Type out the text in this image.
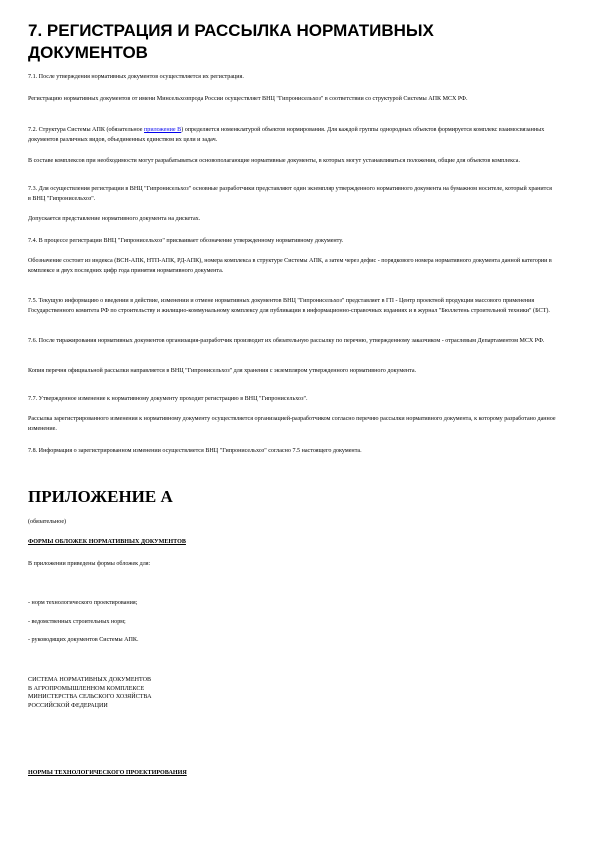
7. РЕГИСТРАЦИЯ И РАССЫЛКА НОРМАТИВНЫХ ДОКУМЕНТОВ

7.1. После утверждения нормативных документов осуществляется их регистрация.

Регистрацию нормативных документов от имени Минсельхозпрода России осуществляет ВНЦ "Гипронисельхоз" в соответствии со структурой Системы АПК МСХ РФ.

7.2. Структура Системы АПК (обязательное приложение В) определяется номенклатурой объектов нормирования. Для каждой группы однородных объектов формируется комплекс взаимосвязанных документов различных видов, объединенных единством их цели и задач.

В составе комплексов при необходимости могут разрабатываться основополагающие нормативные документы, в которых могут устанавливаться положения, общие для объектов комплекса.

7.3. Для осуществления регистрации в ВНЦ "Гипронисельхоз" основные разработчики представляют один экземпляр утвержденного нормативного документа на бумажном носителе, который хранится в ВНЦ "Гипронисельхоз".

Допускается представление нормативного документа на дискетах.

7.4. В процессе регистрации ВНЦ "Гипронисельхоз" присваивает обозначение утвержденному нормативному документу.

Обозначение состоит из индекса (ВСН-АПК, НТП-АПК, РД-АПК), номера комплекса в структуре Системы АПК, а затем через дефис - порядкового номера нормативного документа данной категории в комплексе и двух последних цифр года принятия нормативного документа.

7.5. Текущую информацию о введении в действие, изменении и отмене нормативных документов ВНЦ "Гипронисельхоз" представляет в ГП - Центр проектной продукции массового применения Государственного комитета РФ по строительству и жилищно-коммунальному комплексу для публикации в информационно-справочных изданиях и в журнал "Бюллетень строительной техники" (БСТ).

7.6. После тиражирования нормативных документов организация-разработчик производит их обязательную рассылку по перечню, утвержденному заказчиком - отраслевым Департаментом МСХ РФ.

Копия перечня официальной рассылки направляется в ВНЦ "Гипронисельхоз" для хранения с экземпляром утвержденного нормативного документа.

7.7. Утвержденное изменение к нормативному документу проходит регистрацию в ВНЦ "Гипронисельхоз".

Рассылка зарегистрированного изменения к нормативному документу осуществляется организацией-разработчиком согласно перечню рассылки нормативного документа, к которому разработано данное изменение.

7.8. Информация о зарегистрированном изменении осуществляется ВНЦ "Гипронисельхоз" согласно 7.5 настоящего документа.

ПРИЛОЖЕНИЕ А

(обязательное)

ФОРМЫ ОБЛОЖЕК НОРМАТИВНЫХ ДОКУМЕНТОВ

В приложении приведены формы обложек для:

- норм технологического проектирования;

- ведомственных строительных норм;

- руководящих документов Системы АПК.

СИСТЕМА НОРМАТИВНЫХ ДОКУМЕНТОВ
В АГРОПРОМЫШЛЕННОМ КОМПЛЕКСЕ
МИНИСТЕРСТВА СЕЛЬСКОГО ХОЗЯЙСТВА
РОССИЙСКОЙ ФЕДЕРАЦИИ

НОРМЫ ТЕХНОЛОГИЧЕСКОГО ПРОЕКТИРОВАНИЯ
